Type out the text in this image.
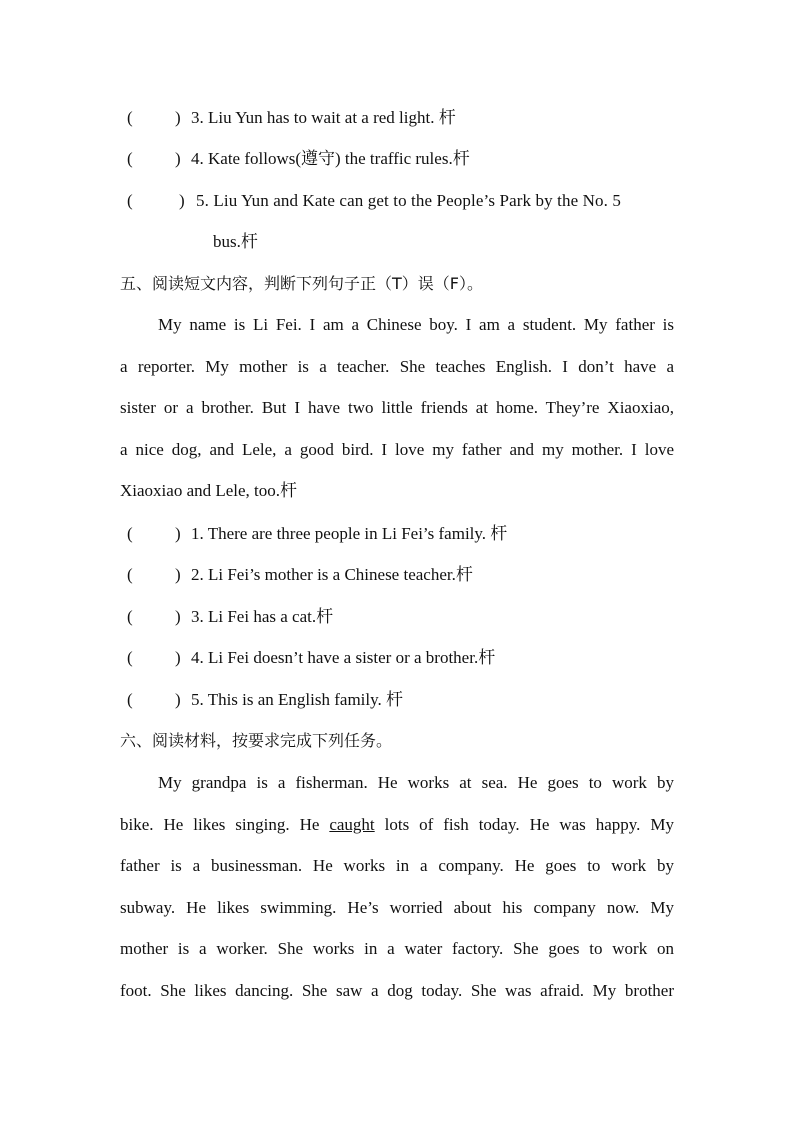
( ) 3. Liu Yun has to wait at a red light. 杆
( ) 4. Kate follows(遵守) the traffic rules.杆
(	) 5. Liu Yun and Kate can get to the People’s Park by the No. 5
bus.杆
五、阅读短文内容，判断下列句子正（T）误（F）。
My name is Li Fei. I am a Chinese boy. I am a student. My father is
a reporter. My mother is a teacher. She teaches English. I don’t have a
sister or a brother. But I have two little friends at home. They’re Xiaoxiao,
a nice dog, and Lele, a good bird. I love my father and my mother. I love
Xiaoxiao and Lele, too.杆
( ) 1. There are three people in Li Fei’s family. 杆
( ) 2. Li Fei’s mother is a Chinese teacher.杆
( ) 3. Li Fei has a cat.杆
( ) 4. Li Fei doesn’t have a sister or a brother.杆
( ) 5. This is an English family. 杆
六、阅读材料，按要求完成下列任务。
My grandpa is a fisherman. He works at sea. He goes to work by
bike. He likes singing. He caught lots of fish today. He was happy. My
father is a businessman. He works in a company. He goes to work by
subway. He likes swimming. He’s worried about his company now. My
mother is a worker. She works in a water factory. She goes to work on
foot. She likes dancing. She saw a dog today. She was afraid. My brother
